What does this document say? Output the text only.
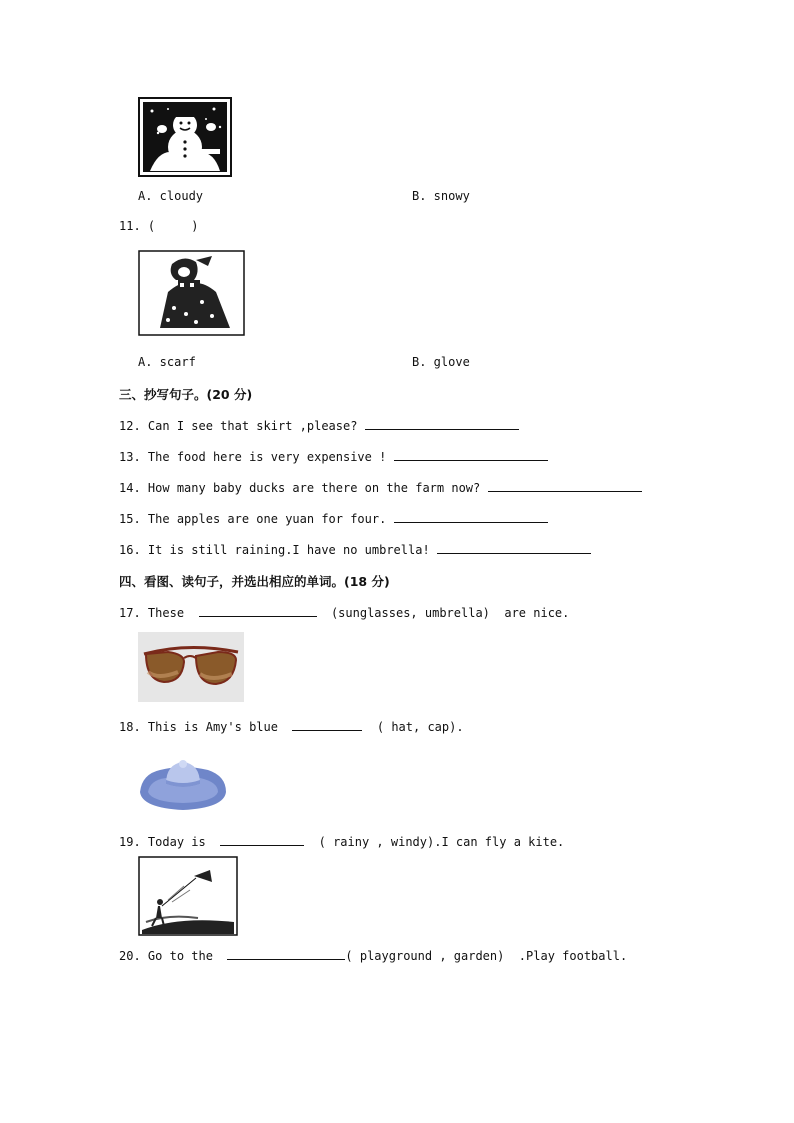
A. cloudy	B. snowy
11. (     )
A. scarf	B. glove
三、抄写句子。(20 分)
12. Can I see that skirt ,please?
13. The food here is very expensive !
14. How many baby ducks are there on the farm now?
15. The apples are one yuan for four.
16. It is still raining.I have no umbrella!
四、看图、读句子，并选出相应的单词。(18 分)
17. These	(sunglasses, umbrella) are nice.
18. This is Amy's blue	( hat, cap).
19. Today is	( rainy , windy).I can fly a kite.
20. Go to the	( playground , garden)  .Play football.
